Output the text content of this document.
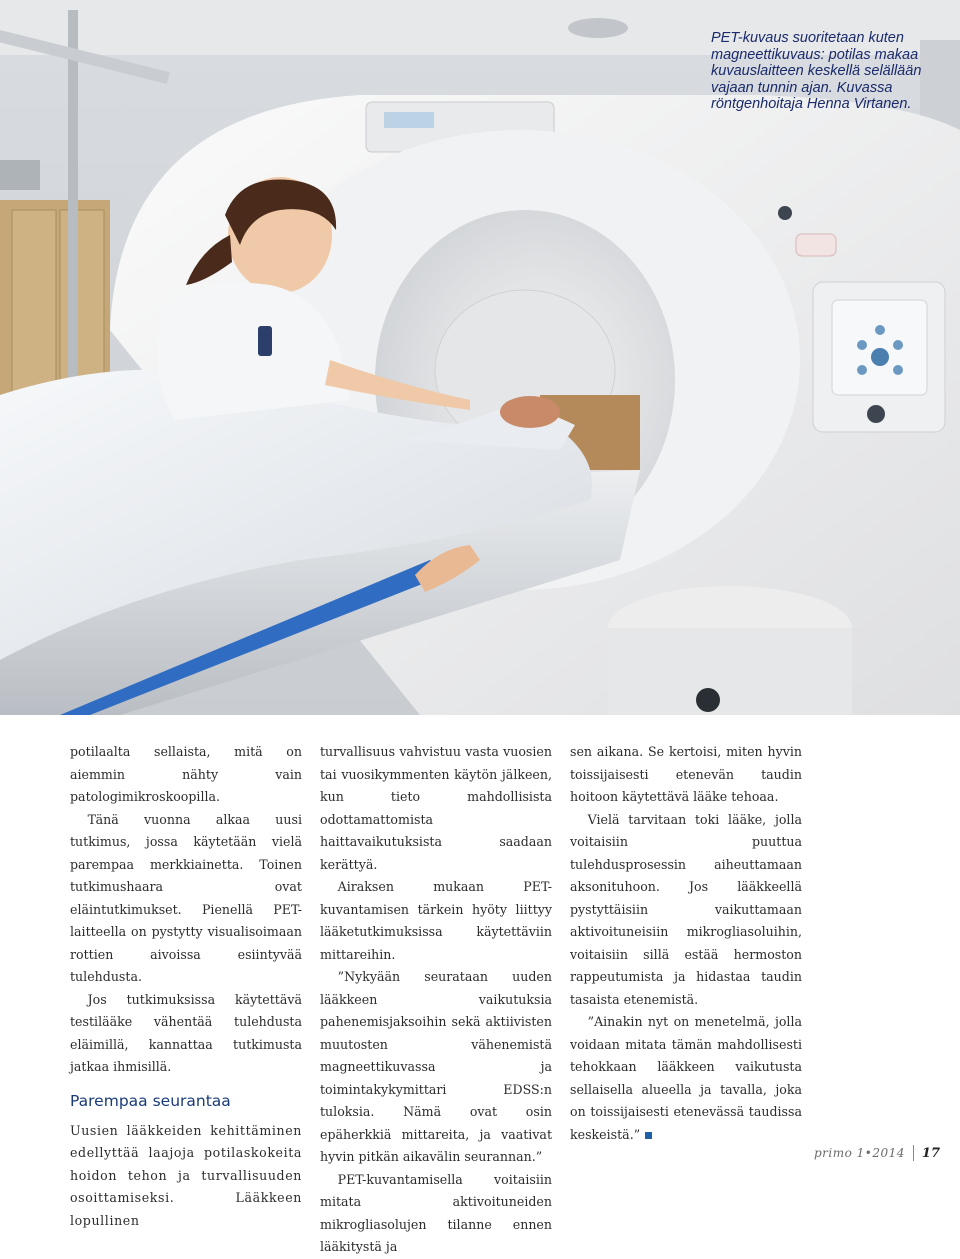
PET-kuvaus suoritetaan kuten magneettikuvaus: potilas makaa kuvauslaitteen keskellä selällään vajaan tunnin ajan. Kuvassa röntgenhoitaja Henna Virtanen.

potilaalta sellaista, mitä on aiemmin nähty vain patologimikroskoopilla.

Tänä vuonna alkaa uusi tutkimus, jossa käytetään vielä parempaa merkkiainetta. Toinen tutkimushaara ovat eläintutkimukset. Pienellä PET-laitteella on pystytty visualisoimaan rottien aivoissa esiintyvää tulehdusta.

Jos tutkimuksissa käytettävä testilääke vähentää tulehdusta eläimillä, kannattaa tutkimusta jatkaa ihmisillä.

Parempaa seurantaa

Uusien lääkkeiden kehittäminen edellyttää laajoja potilaskokeita hoidon tehon ja turvallisuuden osoittamiseksi. Lääkkeen lopullinen

turvallisuus vahvistuu vasta vuosien tai vuosikymmenten käytön jälkeen, kun tieto mahdollisista odottamattomista haittavaikutuksista saadaan kerättyä.

Airaksen mukaan PET-kuvantamisen tärkein hyöty liittyy lääketutkimuksissa käytettäviin mittareihin.

”Nykyään seurataan uuden lääkkeen vaikutuksia pahenemisjaksoihin sekä aktiivisten muutosten vähenemistä magneettikuvassa ja toimintakykymittari EDSS:n tuloksia. Nämä ovat osin epäherkkiä mittareita, ja vaativat hyvin pitkän aikavälin seurannan.”

PET-kuvantamisella voitaisiin mitata aktivoituneiden mikrogliasolujen tilanne ennen lääkitystä ja

sen aikana. Se kertoisi, miten hyvin toissijaisesti etenevän taudin hoitoon käytettävä lääke tehoaa.

Vielä tarvitaan toki lääke, jolla voitaisiin puuttua tulehdusprosessin aiheuttamaan aksonituhoon. Jos lääkkeellä pystyttäisiin vaikuttamaan aktivoituneisiin mikrogliasoluihin, voitaisiin sillä estää hermoston rappeutumista ja hidastaa taudin tasaista etenemistä.

”Ainakin nyt on menetelmä, jolla voidaan mitata tämän mahdollisesti tehokkaan lääkkeen vaikutusta sellaisella alueella ja tavalla, joka on toissijaisesti etenevässä taudissa keskeistä.”

primo 1•2014 17
